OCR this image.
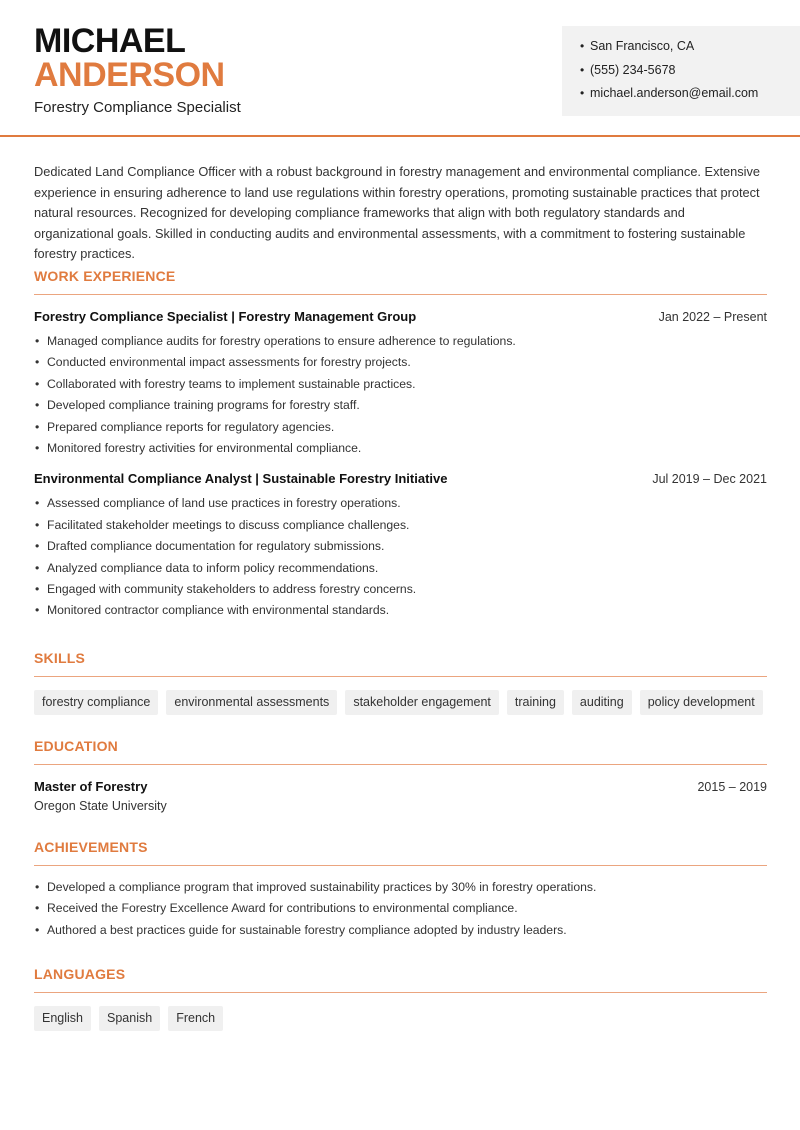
MICHAEL
ANDERSON
Forestry Compliance Specialist
• San Francisco, CA
• (555) 234-5678
• michael.anderson@email.com

Dedicated Land Compliance Officer with a robust background in forestry management and environmental compliance. Extensive experience in ensuring adherence to land use regulations within forestry operations, promoting sustainable practices that protect natural resources. Recognized for developing compliance frameworks that align with both regulatory standards and organizational goals. Skilled in conducting audits and environmental assessments, with a commitment to fostering sustainable forestry practices.

WORK EXPERIENCE
Forestry Compliance Specialist | Forestry Management Group	Jan 2022 – Present
• Managed compliance audits for forestry operations to ensure adherence to regulations.
• Conducted environmental impact assessments for forestry projects.
• Collaborated with forestry teams to implement sustainable practices.
• Developed compliance training programs for forestry staff.
• Prepared compliance reports for regulatory agencies.
• Monitored forestry activities for environmental compliance.
Environmental Compliance Analyst | Sustainable Forestry Initiative	Jul 2019 – Dec 2021
• Assessed compliance of land use practices in forestry operations.
• Facilitated stakeholder meetings to discuss compliance challenges.
• Drafted compliance documentation for regulatory submissions.
• Analyzed compliance data to inform policy recommendations.
• Engaged with community stakeholders to address forestry concerns.
• Monitored contractor compliance with environmental standards.
SKILLS
forestry compliance	environmental assessments	stakeholder engagement	training	auditing	policy development
EDUCATION
Master of Forestry	2015 – 2019
Oregon State University
ACHIEVEMENTS
• Developed a compliance program that improved sustainability practices by 30% in forestry operations.
• Received the Forestry Excellence Award for contributions to environmental compliance.
• Authored a best practices guide for sustainable forestry compliance adopted by industry leaders.
LANGUAGES
English	Spanish	French
